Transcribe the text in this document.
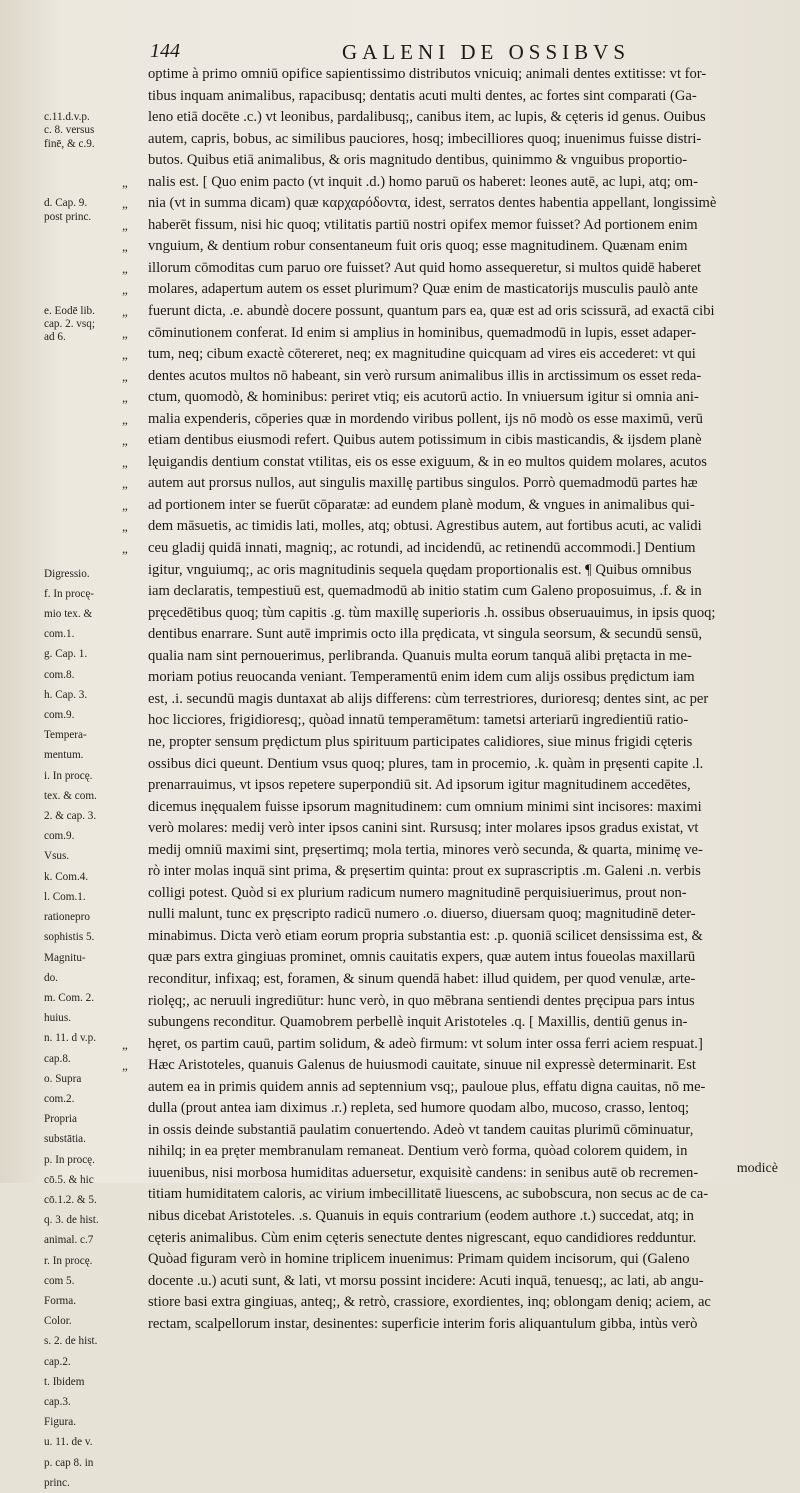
144	GALENI DE OSSIBVS
c.11.d.v.p.
c. 8. versus
finē, & c.9.
d. Cap. 9.
post princ.
e. Eodē lib.
cap. 2. vsq;
ad 6.
Digressio.
f. In procę-
mio tex. &
com.1.
g. Cap. 1.
com.8.
h. Cap. 3.
com.9.
Tempera-
mentum.
i. In procę.
tex. & com.
2. & cap. 3.
com.9.
Vsus.
k. Com.4.
l. Com.1.
rationepro
sophistis 5.
Magnitu-
do.
m. Com. 2.
huius.
n. 11. d v.p.
cap.8.
o. Supra
com.2.
Propria
substātia.
p. In procę.
cō.5. & hic
cō.1.2. & 5.
q. 3. de hist.
animal. c.7
r. In procę.
com 5.
Forma.
Color.
s. 2. de hist.
cap.2.
t. Ibidem
cap.3.
Figura.
u. 11. de v.
p. cap 8. in
princ.
optime à primo omniū opifice sapientissimo distributos vnicuiq; animali dentes extitisse: vt for-
tibus inquam animalibus, rapacibusq; dentatis acuti multi dentes, ac fortes sint comparati (Ga-
leno etiā docēte .c.) vt leonibus, pardalibusq;, canibus item, ac lupis, & cęteris id genus. Ouibus
autem, capris, bobus, ac similibus pauciores, hosq; imbecilliores quoq; inuenimus fuisse distri-
butos. Quibus etiā animalibus, & oris magnitudo dentibus, quinimmo & vnguibus proportio-
„ nalis est. [ Quo enim pacto (vt inquit .d.) homo paruū os haberet: leones autē, ac lupi, atq; om-
„ nia (vt in summa dicam) quæ καρχαρόδοντα, idest, serratos dentes habentia appellant, longissimè
„ haberēt fissum, nisi hic quoq; vtilitatis partiū nostri opifex memor fuisset? Ad portionem enim
„ vnguium, & dentium robur consentaneum fuit oris quoq; esse magnitudinem. Quænam enim
„ illorum cōmoditas cum paruo ore fuisset? Aut quid homo assequeretur, si multos quidē haberet
„ molares, adapertum autem os esset plurimum? Quæ enim de masticatorijs musculis paulò ante
„ fuerunt dicta, .e. abundè docere possunt, quantum pars ea, quæ est ad oris scissurā, ad exactā cibi
„ cōminutionem conferat. Id enim si amplius in hominibus, quemadmodū in lupis, esset adaper-
„ tum, neq; cibum exactè cōtereret, neq; ex magnitudine quicquam ad vires eis accederet: vt qui
„ dentes acutos multos nō habeant, sin verò rursum animalibus illis in arctissimum os esset reda-
„ ctum, quomodò, & hominibus: periret vtiq; eis acutorū actio. In vniuersum igitur si omnia ani-
„ malia expenderis, cōperies quæ in mordendo viribus pollent, ijs nō modò os esse maximū, verū
„ etiam dentibus eiusmodi refert. Quibus autem potissimum in cibis masticandis, & ijsdem planè
„ lęuigandis dentium constat vtilitas, eis os esse exiguum, & in eo multos quidem molares, acutos
„ autem aut prorsus nullos, aut singulis maxillę partibus singulos. Porrò quemadmodū partes hæ
„ ad portionem inter se fuerūt cōparatæ: ad eundem planè modum, & vngues in animalibus qui-
„ dem māsuetis, ac timidis lati, molles, atq; obtusi. Agrestibus autem, aut fortibus acuti, ac validi
„ ceu gladij quidā innati, magniq;, ac rotundi, ad incidendū, ac retinendū accommodi.] Dentium
igitur, vnguiumq;, ac oris magnitudinis sequela quędam proportionalis est. ¶ Quibus omnibus
iam declaratis, tempestiuū est, quemadmodū ab initio statim cum Galeno proposuimus, .f. & in
pręcedētibus quoq; tùm capitis .g. tùm maxillę superioris .h. ossibus obseruauimus, in ipsis quoq;
dentibus enarrare. Sunt autē imprimis octo illa prędicata, vt singula seorsum, & secundū sensū,
qualia nam sint pernouerimus, perlibranda. Quanuis multa eorum tanquā alibi prętacta in me-
moriam potius reuocanda veniant. Temperamentū enim idem cum alijs ossibus prędictum iam
est, .i. secundū magis duntaxat ab alijs differens: cùm terrestriores, durioresq; dentes sint, ac per
hoc licciores, frigidioresq;, quòad innatū temperamētum: tametsi arteriarū ingredientiū ratio-
ne, propter sensum prędictum plus spirituum participates calidiores, siue minus frigidi cęteris
ossibus dici queunt. Dentium vsus quoq; plures, tam in procemio, .k. quàm in pręsenti capite .l.
prenarrauimus, vt ipsos repetere superpondiū sit. Ad ipsorum igitur magnitudinem accedētes,
dicemus inęqualem fuisse ipsorum magnitudinem: cum omnium minimi sint incisores: maximi
verò molares: medij verò inter ipsos canini sint. Rursusq; inter molares ipsos gradus existat, vt
medij omniū maximi sint, pręsertimq; mola tertia, minores verò secunda, & quarta, minimę ve-
rò inter molas inquā sint prima, & pręsertim quinta: prout ex suprascriptis .m. Galeni .n. verbis
colligi potest. Quòd si ex plurium radicum numero magnitudinē perquisiuerimus, prout non-
nulli malunt, tunc ex pręscripto radicū numero .o. diuerso, diuersam quoq; magnitudinē deter-
minabimus. Dicta verò etiam eorum propria substantia est: .p. quoniā scilicet densissima est, &
quæ pars extra gingiuas prominet, omnis cauitatis expers, quæ autem intus foueolas maxillarū
reconditur, infixaq; est, foramen, & sinum quendā habet: illud quidem, per quod venulæ, arte-
riolęq;, ac neruuli ingrediūtur: hunc verò, in quo mēbrana sentiendi dentes pręcipua pars intus
subungens reconditur. Quamobrem perbellè inquit Aristoteles .q. [ Maxillis, dentiū genus in-
„ hęret, os partim cauū, partim solidum, & adeò firmum: vt solum inter ossa ferri aciem respuat.]
„ Hæc Aristoteles, quanuis Galenus de huiusmodi cauitate, sinuue nil expressè determinarit. Est
autem ea in primis quidem annis ad septennium vsq;, pauloue plus, effatu digna cauitas, nō me-
dulla (prout antea iam diximus .r.) repleta, sed humore quodam albo, mucoso, crasso, lentoq;
in ossis deinde substantiā paulatim conuertendo. Adeò vt tandem cauitas plurimū cōminuatur,
nihilq; in ea pręter membranulam remaneat. Dentium verò forma, quòad colorem quidem, in
iuuenibus, nisi morbosa humiditas aduersetur, exquisitè candens: in senibus autē ob recremen-
titiam humiditatem caloris, ac virium imbecillitatē liuescens, ac subobscura, non secus ac de ca-
nibus dicebat Aristoteles. .s. Quanuis in equis contrarium (eodem authore .t.) succedat, atq; in
cęteris animalibus. Cùm enim cęteris senectute dentes nigrescant, equo candidiores redduntur.
Quòad figuram verò in homine triplicem inuenimus: Primam quidem incisorum, qui (Galeno
docente .u.) acuti sunt, & lati, vt morsu possint incidere: Acuti inquā, tenuesq;, ac lati, ab angu-
stiore basi extra gingiuas, anteq;, & retrò, crassiore, exordientes, inq; oblongam deniq; aciem, ac
rectam, scalpellorum instar, desinentes: superficie interim foris aliquantulum gibba, intùs verò
modicè
